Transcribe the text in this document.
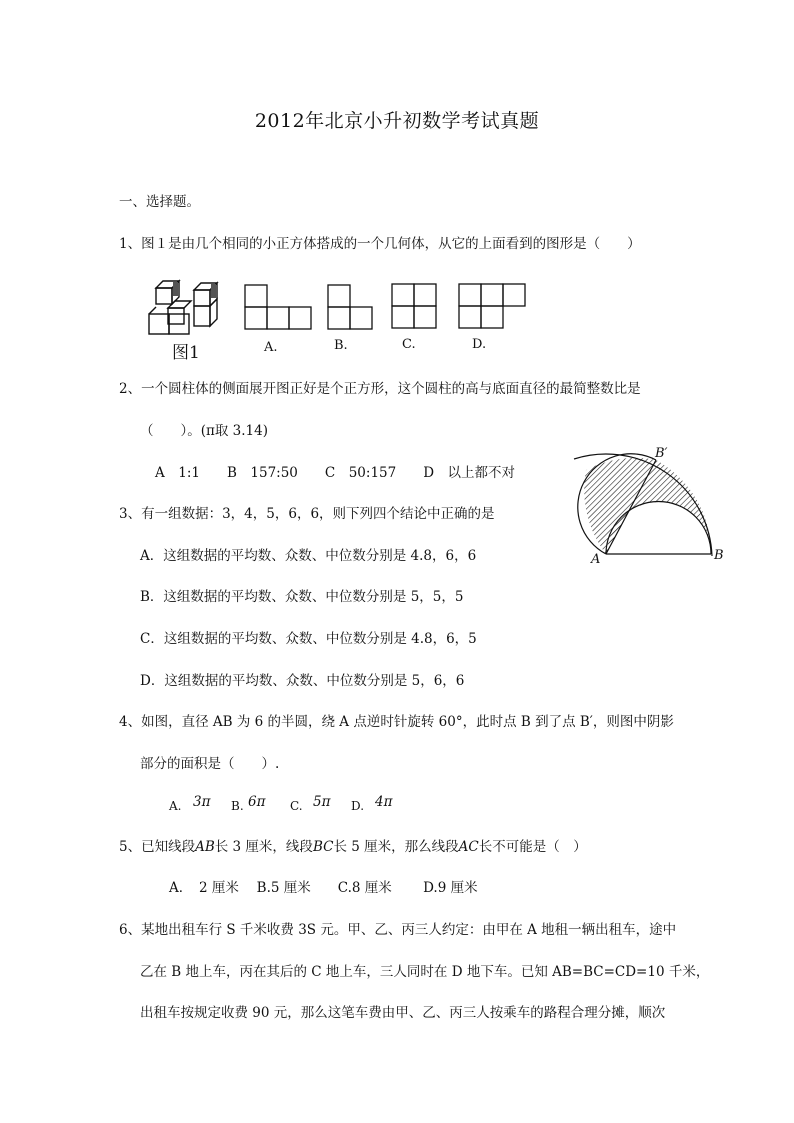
2012年北京小升初数学考试真题
一、选择题。
1、图１是由几个相同的小正方体搭成的一个几何体，从它的上面看到的图形是（　　）
图1	A.	B.	C.	D.
2、一个圆柱体的侧面展开图正好是个正方形，这个圆柱的高与底面直径的最简整数比是
（　　）。(π取 3.14)
A　1:1　　B　157:50　　C　50:157　　D　以上都不对
A	B
B′
3、有一组数据：3，4，5，6，6，则下列四个结论中正确的是
A．这组数据的平均数、众数、中位数分别是 4.8，6，6
B．这组数据的平均数、众数、中位数分别是 5，5，5
C．这组数据的平均数、众数、中位数分别是 4.8，6，5
D．这组数据的平均数、众数、中位数分别是 5，6，6
4、如图，直径 AB 为 6 的半圆，绕 A 点逆时针旋转 60°，此时点 B 到了点 B′，则图中阴影
部分的面积是（　　）.
A. 3π B. 6π C. 5π D. 4π
5、已知线段AB长 3 厘米，线段BC长 5 厘米，那么线段AC长不可能是（　）
A．　2 厘米　 B.5 厘米　　C.8 厘米　　 D.9 厘米
6、某地出租车行 S 千米收费 3S 元。甲、乙、丙三人约定：由甲在 A 地租一辆出租车，途中
乙在 B 地上车，丙在其后的 C 地上车，三人同时在 D 地下车。已知 AB=BC=CD=10 千米，
出租车按规定收费 90 元，那么这笔车费由甲、乙、丙三人按乘车的路程合理分摊，顺次
